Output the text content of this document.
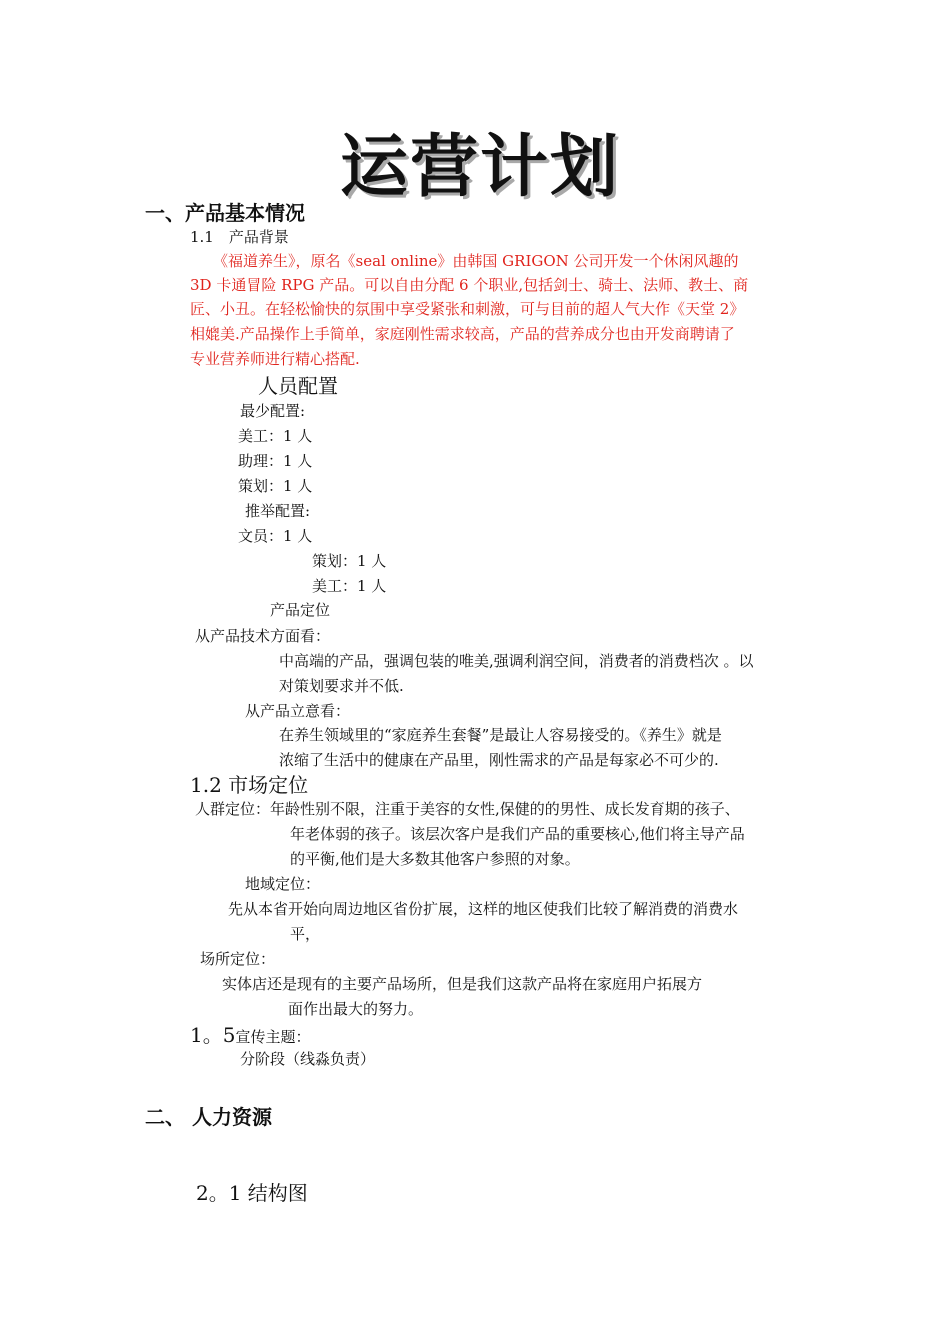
运营计划
一、产品基本情况
1.1　产品背景
《福道养生》，原名《seal online》由韩国 GRIGON 公司开发一个休闲风趣的
3D 卡通冒险 RPG 产品。可以自由分配 6 个职业,包括剑士、骑士、法师、教士、商
匠、小丑。在轻松愉快的氛围中享受紧张和刺激，可与目前的超人气大作《天堂 2》
相媲美.产品操作上手简单，家庭刚性需求较高，产品的营养成分也由开发商聘请了
专业营养师进行精心搭配.
人员配置
最少配置:
美工：1 人
助理：1 人
策划：1 人
推举配置:
文员：1 人
策划：1 人
美工：1 人
产品定位
从产品技术方面看：
中高端的产品，强调包装的唯美,强调利润空间，消费者的消费档次 。以
对策划要求并不低.
从产品立意看：
在养生领域里的“家庭养生套餐”是最让人容易接受的。《养生》就是
浓缩了生活中的健康在产品里，刚性需求的产品是每家必不可少的.
1.2 市场定位
人群定位：年龄性别不限，注重于美容的女性,保健的的男性、成长发育期的孩子、
年老体弱的孩子。该层次客户是我们产品的重要核心,他们将主导产品
的平衡,他们是大多数其他客户参照的对象。
地域定位：
先从本省开始向周边地区省份扩展，这样的地区使我们比较了解消费的消费水
平，
场所定位：
实体店还是现有的主要产品场所，但是我们这款产品将在家庭用户拓展方
面作出最大的努力。
1。5宣传主题：
分阶段（线淼负责）
二、 人力资源
2。1 结构图
